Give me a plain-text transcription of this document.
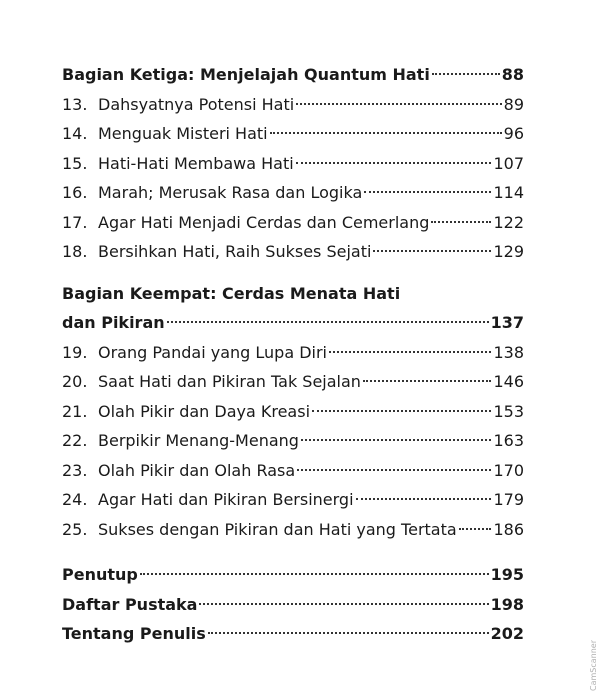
Bagian Ketiga: Menjelajah Quantum Hati	88
13. Dahsyatnya Potensi Hati	89
14. Menguak Misteri Hati	96
15. Hati-Hati Membawa Hati	107
16. Marah; Merusak Rasa dan Logika	114
17. Agar Hati Menjadi Cerdas dan Cemerlang	122
18. Bersihkan Hati, Raih Sukses Sejati	129
Bagian Keempat: Cerdas Menata Hati
dan Pikiran	137
19. Orang Pandai yang Lupa Diri	138
20. Saat Hati dan Pikiran Tak Sejalan	146
21. Olah Pikir dan Daya Kreasi	153
22. Berpikir Menang-Menang	163
23. Olah Pikir dan Olah Rasa	170
24. Agar Hati dan Pikiran Bersinergi	179
25. Sukses dengan Pikiran dan Hati yang Tertata 186
Penutup	195
Daftar Pustaka	198
Tentang Penulis	202
CamScanner
